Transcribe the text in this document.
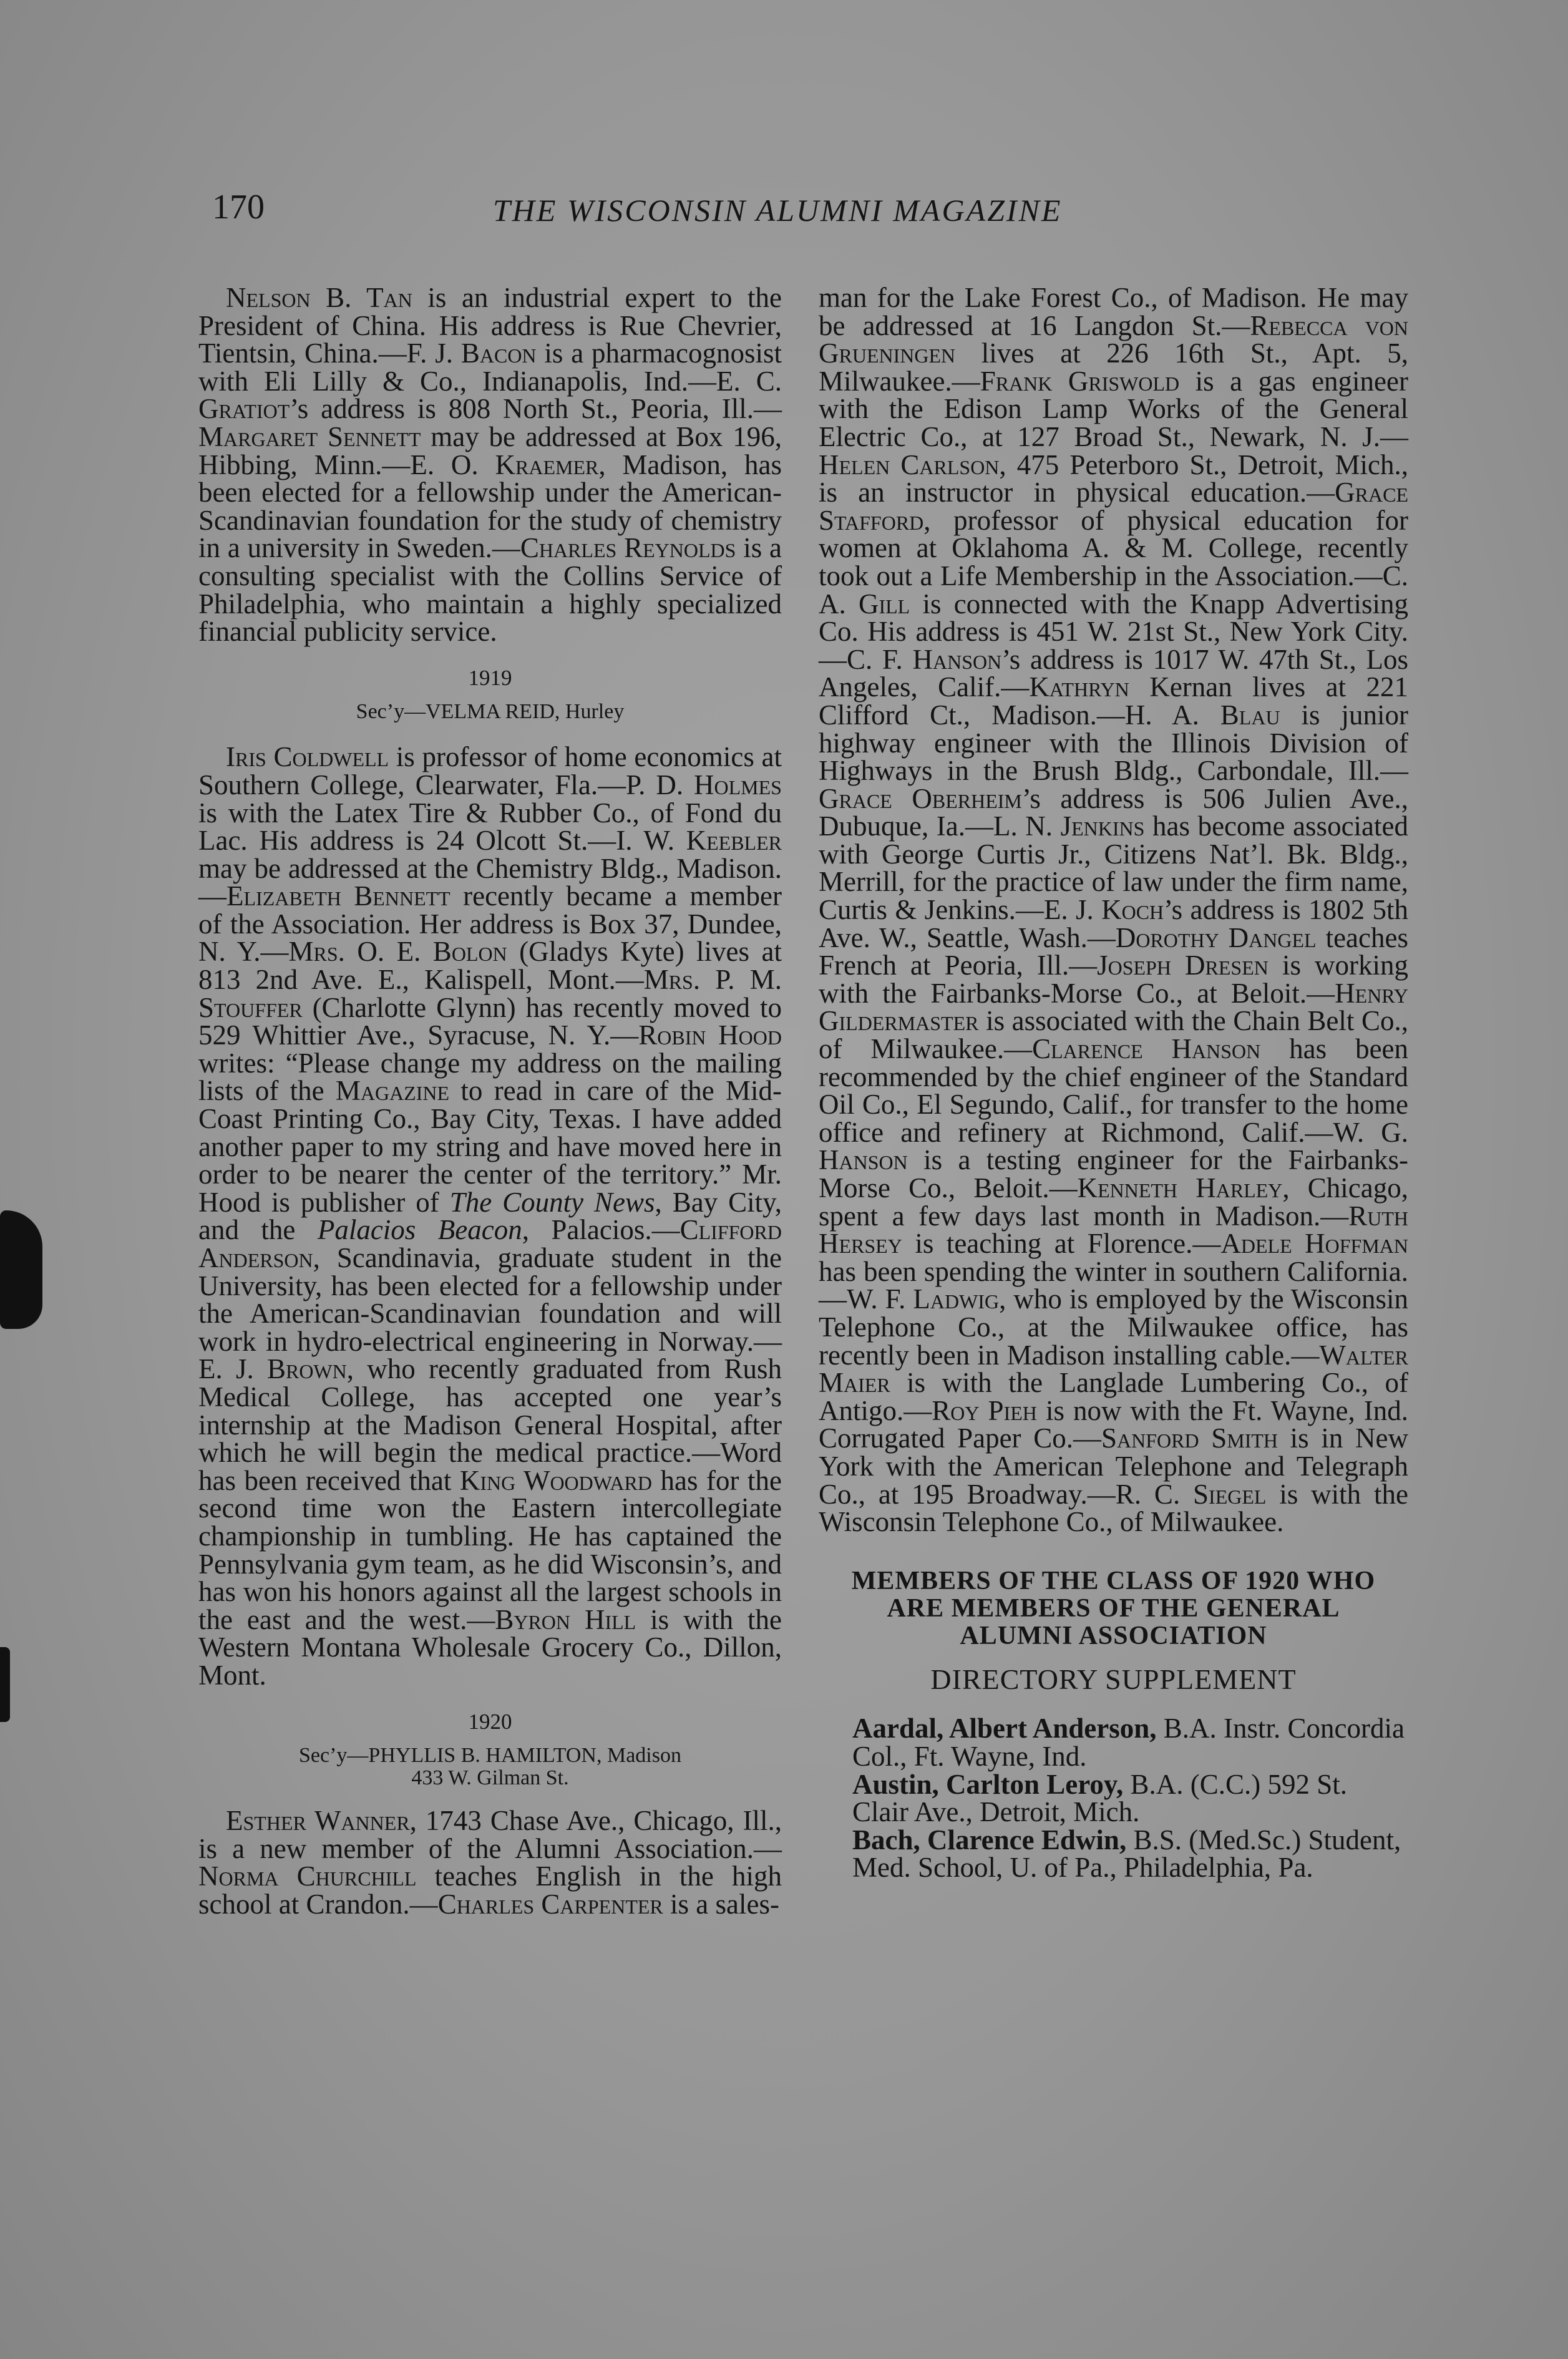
170	THE WISCONSIN ALUMNI MAGAZINE

Nelson B. Tan is an industrial expert to the President of China. His address is Rue Chevrier, Tientsin, China.—F. J. Bacon is a pharmacognosist with Eli Lilly & Co., Indianapolis, Ind.—E. C. Gratiot’s address is 808 North St., Peoria, Ill.—Margaret Sennett may be addressed at Box 196, Hibbing, Minn.—E. O. Kraemer, Madison, has been elected for a fellowship under the American-Scandinavian foundation for the study of chemistry in a university in Sweden.—Charles Reynolds is a consulting specialist with the Collins Service of Philadelphia, who maintain a highly specialized financial publicity service.

1919
Sec’y—VELMA REID, Hurley

Iris Coldwell is professor of home economics at Southern College, Clearwater, Fla.—P. D. Holmes is with the Latex Tire & Rubber Co., of Fond du Lac. His address is 24 Olcott St.—I. W. Keebler may be addressed at the Chemistry Bldg., Madison.—Elizabeth Bennett recently became a member of the Association. Her address is Box 37, Dundee, N. Y.—Mrs. O. E. Bolon (Gladys Kyte) lives at 813 2nd Ave. E., Kalispell, Mont.—Mrs. P. M. Stouffer (Charlotte Glynn) has recently moved to 529 Whittier Ave., Syracuse, N. Y.—Robin Hood writes: “Please change my address on the mailing lists of the Magazine to read in care of the Mid-Coast Printing Co., Bay City, Texas. I have added another paper to my string and have moved here in order to be nearer the center of the territory.” Mr. Hood is publisher of The County News, Bay City, and the Palacios Beacon, Palacios.—Clifford Anderson, Scandinavia, graduate student in the University, has been elected for a fellowship under the American-Scandinavian foundation and will work in hydro-electrical engineering in Norway.—E. J. Brown, who recently graduated from Rush Medical College, has accepted one year’s internship at the Madison General Hospital, after which he will begin the medical practice.—Word has been received that King Woodward has for the second time won the Eastern intercollegiate championship in tumbling. He has captained the Pennsylvania gym team, as he did Wisconsin’s, and has won his honors against all the largest schools in the east and the west.—Byron Hill is with the Western Montana Wholesale Grocery Co., Dillon, Mont.

1920
Sec’y—PHYLLIS B. HAMILTON, Madison
433 W. Gilman St.

Esther Wanner, 1743 Chase Ave., Chicago, Ill., is a new member of the Alumni Association.—Norma Churchill teaches English in the high school at Crandon.—Charles Carpenter is a sales-

man for the Lake Forest Co., of Madison. He may be addressed at 16 Langdon St.—Rebecca von Grueningen lives at 226 16th St., Apt. 5, Milwaukee.—Frank Griswold is a gas engineer with the Edison Lamp Works of the General Electric Co., at 127 Broad St., Newark, N. J.—Helen Carlson, 475 Peterboro St., Detroit, Mich., is an instructor in physical education.—Grace Stafford, professor of physical education for women at Oklahoma A. & M. College, recently took out a Life Membership in the Association.—C. A. Gill is connected with the Knapp Advertising Co. His address is 451 W. 21st St., New York City.—C. F. Hanson’s address is 1017 W. 47th St., Los Angeles, Calif.—Kathryn Kernan lives at 221 Clifford Ct., Madison.—H. A. Blau is junior highway engineer with the Illinois Division of Highways in the Brush Bldg., Carbondale, Ill.—Grace Oberheim’s address is 506 Julien Ave., Dubuque, Ia.—L. N. Jenkins has become associated with George Curtis Jr., Citizens Nat’l. Bk. Bldg., Merrill, for the practice of law under the firm name, Curtis & Jenkins.—E. J. Koch’s address is 1802 5th Ave. W., Seattle, Wash.—Dorothy Dangel teaches French at Peoria, Ill.—Joseph Dresen is working with the Fairbanks-Morse Co., at Beloit.—Henry Gildermaster is associated with the Chain Belt Co., of Milwaukee.—Clarence Hanson has been recommended by the chief engineer of the Standard Oil Co., El Segundo, Calif., for transfer to the home office and refinery at Richmond, Calif.—W. G. Hanson is a testing engineer for the Fairbanks-Morse Co., Beloit.—Kenneth Harley, Chicago, spent a few days last month in Madison.—Ruth Hersey is teaching at Florence.—Adele Hoffman has been spending the winter in southern California.—W. F. Ladwig, who is employed by the Wisconsin Telephone Co., at the Milwaukee office, has recently been in Madison installing cable.—Walter Maier is with the Langlade Lumbering Co., of Antigo.—Roy Pieh is now with the Ft. Wayne, Ind. Corrugated Paper Co.—Sanford Smith is in New York with the American Telephone and Telegraph Co., at 195 Broadway.—R. C. Siegel is with the Wisconsin Telephone Co., of Milwaukee.

MEMBERS OF THE CLASS OF 1920 WHO ARE MEMBERS OF THE GENERAL ALUMNI ASSOCIATION
DIRECTORY SUPPLEMENT

Aardal, Albert Anderson, B.A. Instr. Concordia Col., Ft. Wayne, Ind.

Austin, Carlton Leroy, B.A. (C.C.) 592 St. Clair Ave., Detroit, Mich.

Bach, Clarence Edwin, B.S. (Med.Sc.) Student, Med. School, U. of Pa., Philadelphia, Pa.
